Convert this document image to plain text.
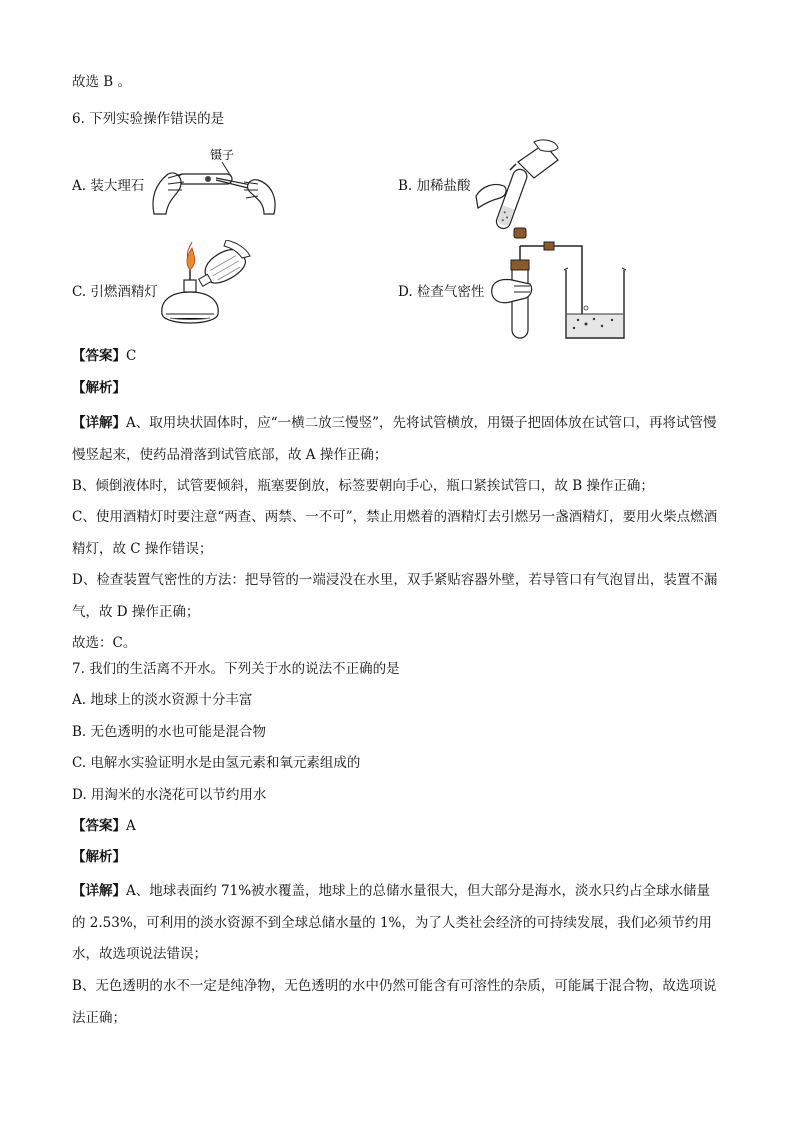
故选 B 。
6. 下列实验操作错误的是
A. 装大理石
镊子
B. 加稀盐酸
C. 引燃酒精灯	D. 检查气密性
【答案】C
【解析】
【详解】A、取用块状固体时，应“一横二放三慢竖”，先将试管横放，用镊子把固体放在试管口，再将试管慢慢竖起来，使药品滑落到试管底部，故 A 操作正确；
B、倾倒液体时，试管要倾斜，瓶塞要倒放，标签要朝向手心，瓶口紧挨试管口，故 B 操作正确；
C、使用酒精灯时要注意“两查、两禁、一不可”，禁止用燃着的酒精灯去引燃另一盏酒精灯，要用火柴点燃酒精灯，故 C 操作错误；
D、检查装置气密性的方法：把导管的一端浸没在水里，双手紧贴容器外壁，若导管口有气泡冒出，装置不漏气，故 D 操作正确；
故选：C。
7. 我们的生活离不开水。下列关于水的说法不正确的是
A. 地球上的淡水资源十分丰富
B. 无色透明的水也可能是混合物
C. 电解水实验证明水是由氢元素和氧元素组成的
D. 用淘米的水浇花可以节约用水
【答案】A
【解析】
【详解】A、地球表面约 71%被水覆盖，地球上的总储水量很大，但大部分是海水，淡水只约占全球水储量的 2.53%，可利用的淡水资源不到全球总储水量的 1%，为了人类社会经济的可持续发展，我们必须节约用水，故选项说法错误；
B、无色透明的水不一定是纯净物，无色透明的水中仍然可能含有可溶性的杂质，可能属于混合物，故选项说法正确；
